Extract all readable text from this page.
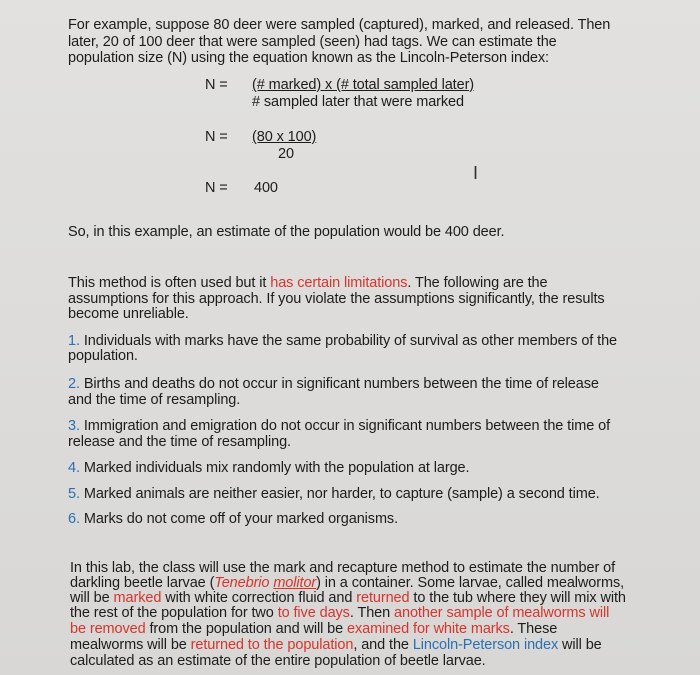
For example, suppose 80 deer were sampled (captured), marked, and released. Then
later, 20 of 100 deer that were sampled (seen) had tags. We can estimate the
population size (N) using the equation known as the Lincoln-Peterson index:
N = (# marked) x (# total sampled later)
# sampled later that were marked
N = (80 x 100)
20
I
N = 400
So, in this example, an estimate of the population would be 400 deer.
This method is often used but it has certain limitations. The following are the
assumptions for this approach. If you violate the assumptions significantly, the results
become unreliable.
1. Individuals with marks have the same probability of survival as other members of the
population.
2. Births and deaths do not occur in significant numbers between the time of release
and the time of resampling.
3. Immigration and emigration do not occur in significant numbers between the time of
release and the time of resampling.
4. Marked individuals mix randomly with the population at large.
5. Marked animals are neither easier, nor harder, to capture (sample) a second time.
6. Marks do not come off of your marked organisms.
In this lab, the class will use the mark and recapture method to estimate the number of
darkling beetle larvae (Tenebrio molitor) in a container. Some larvae, called mealworms,
will be marked with white correction fluid and returned to the tub where they will mix with
the rest of the population for two to five days. Then another sample of mealworms will
be removed from the population and will be examined for white marks. These
mealworms will be returned to the population, and the Lincoln-Peterson index will be
calculated as an estimate of the entire population of beetle larvae.
